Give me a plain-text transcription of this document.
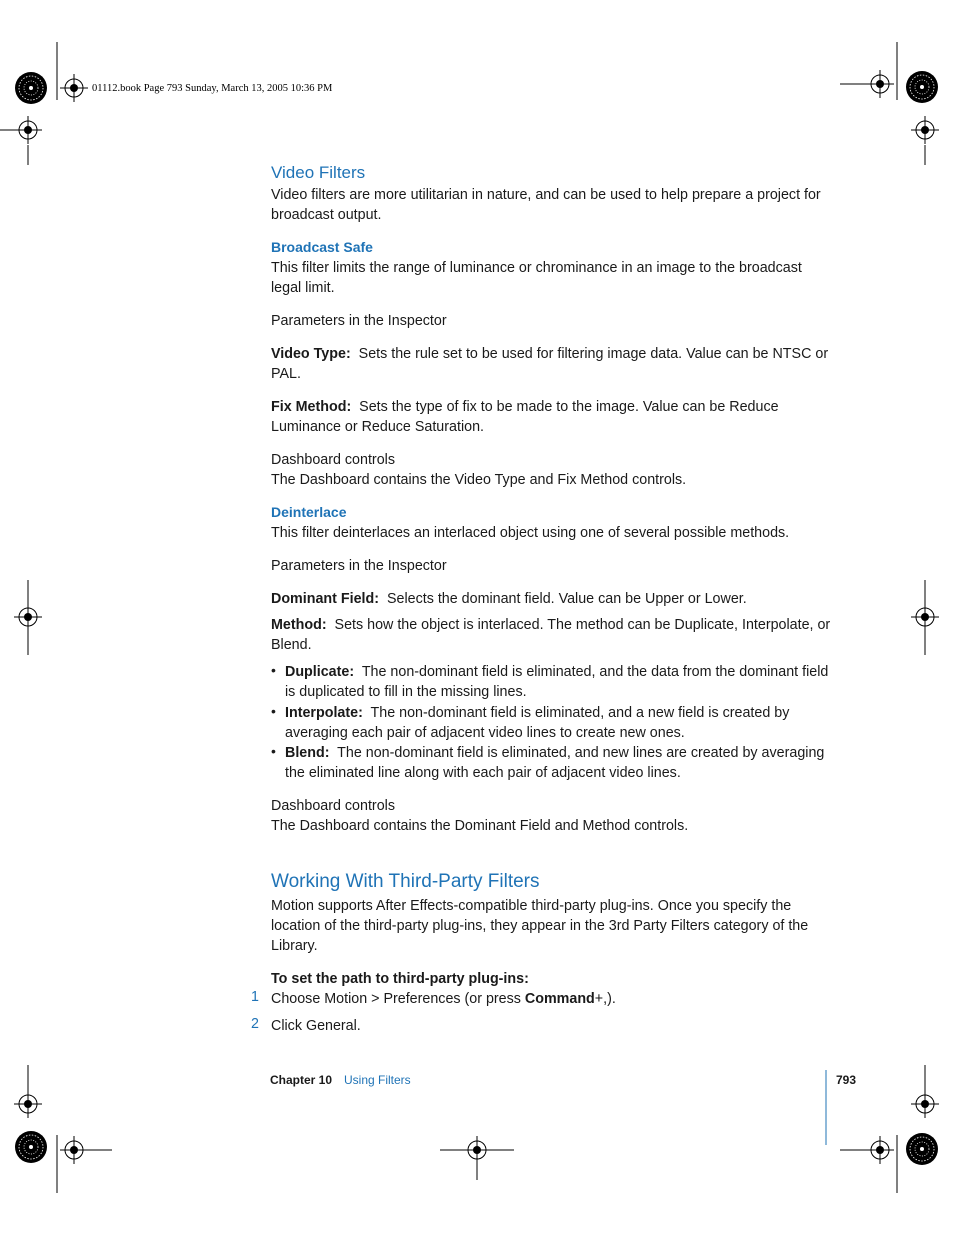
01112.book Page 793 Sunday, March 13, 2005 10:36 PM
Video Filters
Video filters are more utilitarian in nature, and can be used to help prepare a project for broadcast output.
Broadcast Safe
This filter limits the range of luminance or chrominance in an image to the broadcast legal limit.
Parameters in the Inspector
Video Type: Sets the rule set to be used for filtering image data. Value can be NTSC or PAL.
Fix Method: Sets the type of fix to be made to the image. Value can be Reduce Luminance or Reduce Saturation.
Dashboard controls
The Dashboard contains the Video Type and Fix Method controls.
Deinterlace
This filter deinterlaces an interlaced object using one of several possible methods.
Parameters in the Inspector
Dominant Field: Selects the dominant field. Value can be Upper or Lower.
Method: Sets how the object is interlaced. The method can be Duplicate, Interpolate, or Blend.
• Duplicate: The non-dominant field is eliminated, and the data from the dominant field is duplicated to fill in the missing lines.
• Interpolate: The non-dominant field is eliminated, and a new field is created by averaging each pair of adjacent video lines to create new ones.
• Blend: The non-dominant field is eliminated, and new lines are created by averaging the eliminated line along with each pair of adjacent video lines.
Dashboard controls
The Dashboard contains the Dominant Field and Method controls.
Working With Third-Party Filters
Motion supports After Effects-compatible third-party plug-ins. Once you specify the location of the third-party plug-ins, they appear in the 3rd Party Filters category of the Library.
To set the path to third-party plug-ins:
1 Choose Motion > Preferences (or press Command+,).
2 Click General.
Chapter 10 Using Filters	793
